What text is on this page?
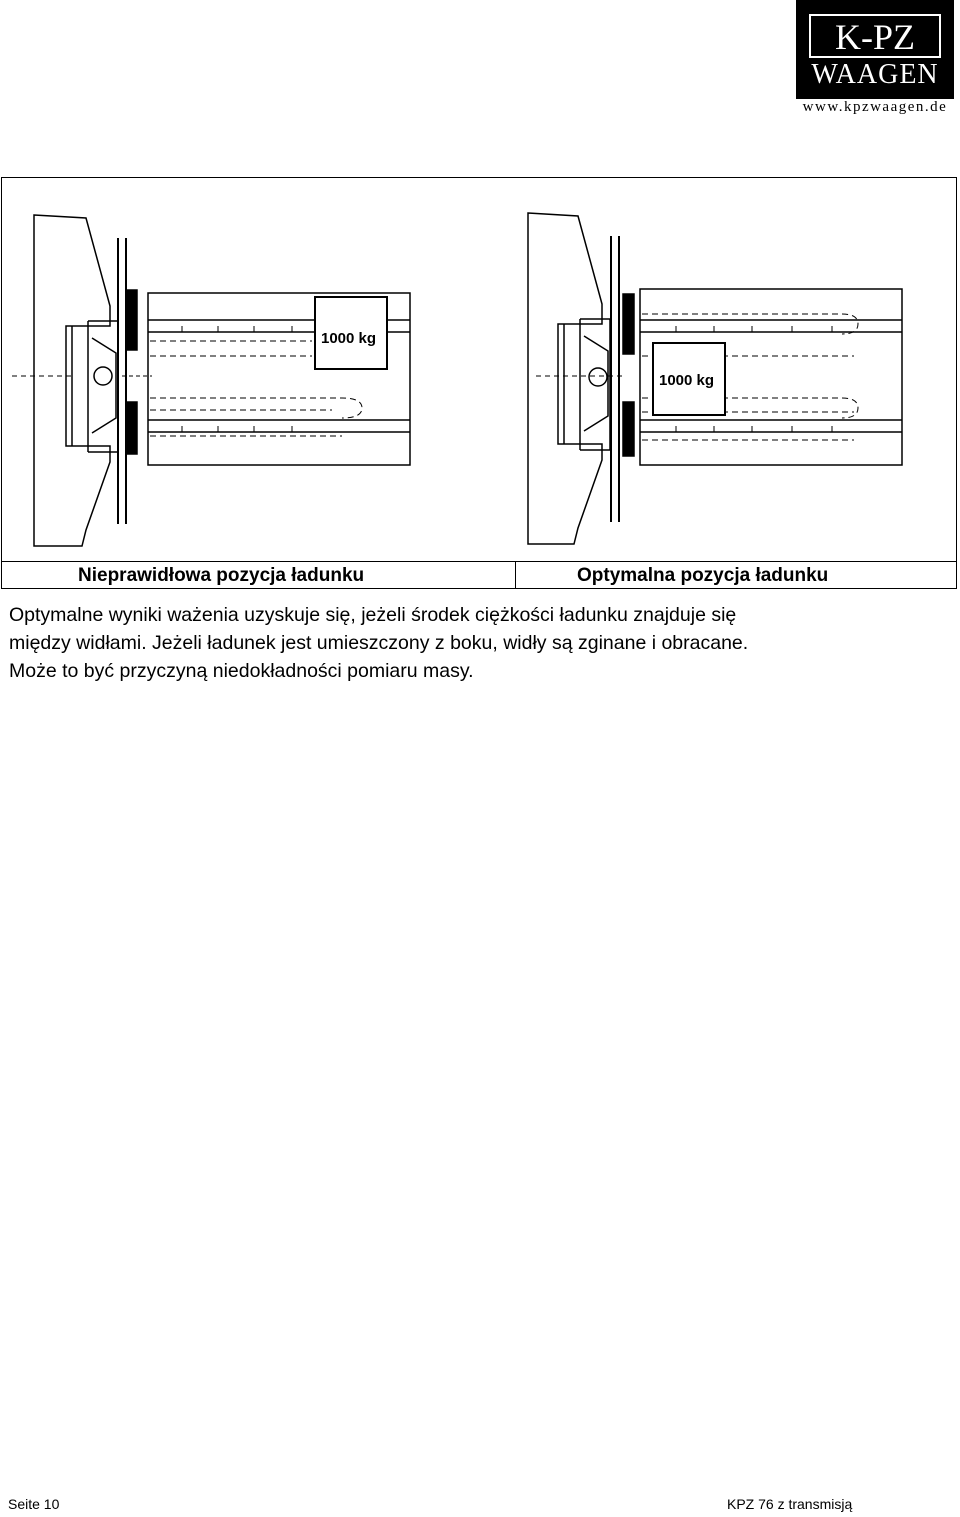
K-PZ
WAAGEN
www.kpzwaagen.de
1000 kg
1000 kg
Nieprawidłowa pozycja ładunku	Optymalna pozycja ładunku
Optymalne wyniki ważenia uzyskuje się, jeżeli środek ciężkości ładunku znajduje się
między widłami. Jeżeli ładunek jest umieszczony z boku, widły są zginane i obracane.
Może to być przyczyną niedokładności pomiaru masy.
Seite 10	KPZ 76 z transmisją
